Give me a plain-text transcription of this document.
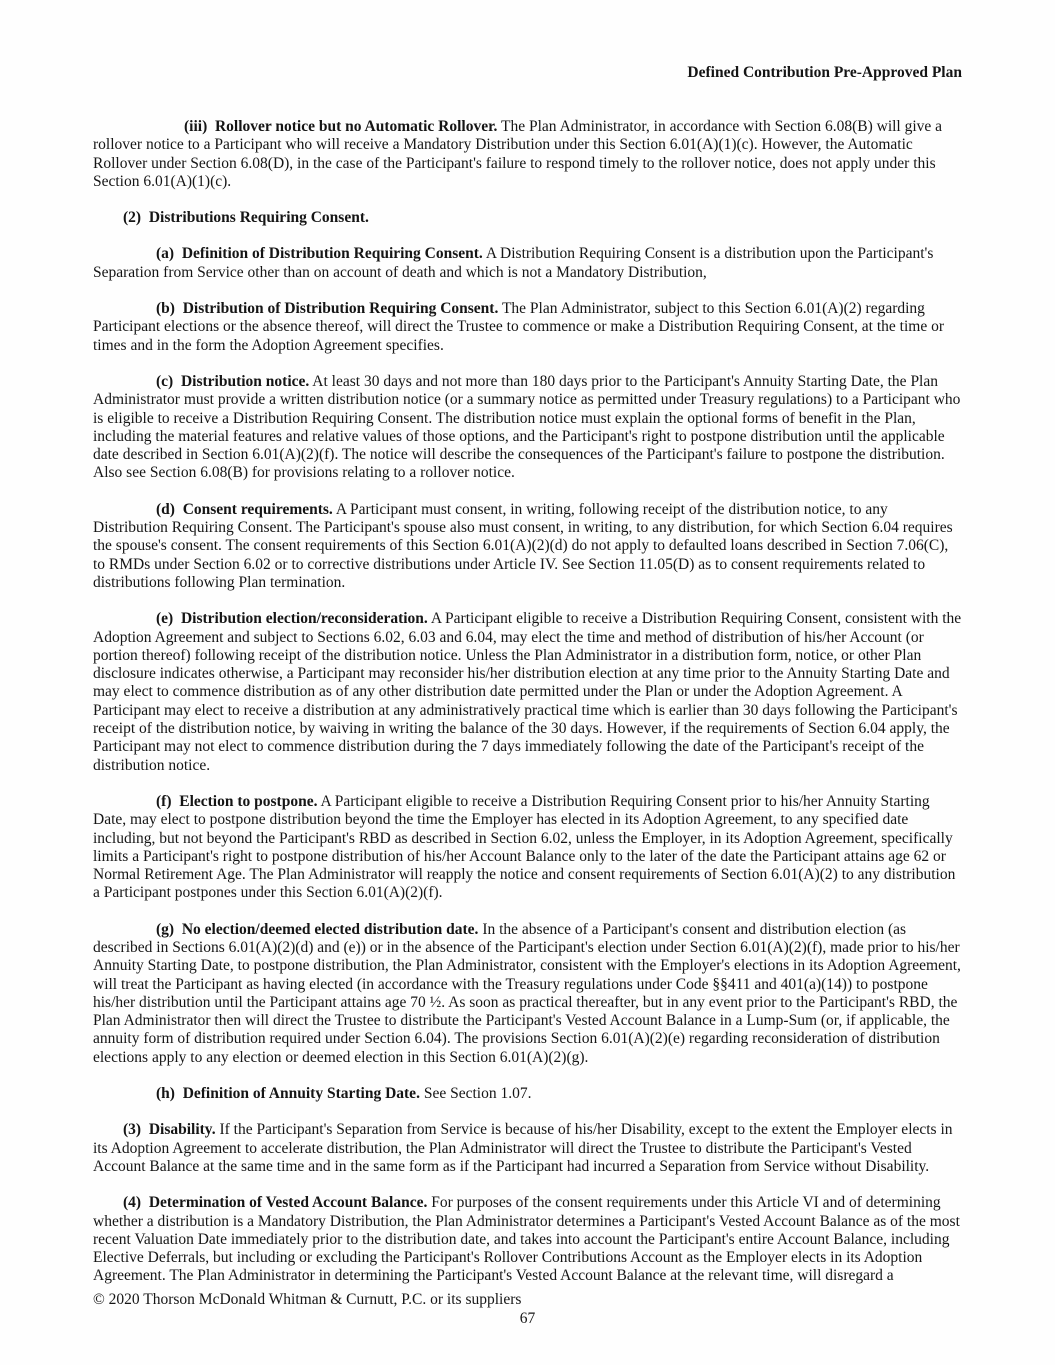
Defined Contribution Pre-Approved Plan

(iii)  Rollover notice but no Automatic Rollover. The Plan Administrator, in accordance with Section 6.08(B) will give a rollover notice to a Participant who will receive a Mandatory Distribution under this Section 6.01(A)(1)(c). However, the Automatic Rollover under Section 6.08(D), in the case of the Participant's failure to respond timely to the rollover notice, does not apply under this Section 6.01(A)(1)(c).

(2)  Distributions Requiring Consent.

(a)  Definition of Distribution Requiring Consent. A Distribution Requiring Consent is a distribution upon the Participant's Separation from Service other than on account of death and which is not a Mandatory Distribution,

(b)  Distribution of Distribution Requiring Consent. The Plan Administrator, subject to this Section 6.01(A)(2) regarding Participant elections or the absence thereof, will direct the Trustee to commence or make a Distribution Requiring Consent, at the time or times and in the form the Adoption Agreement specifies.

(c)  Distribution notice. At least 30 days and not more than 180 days prior to the Participant's Annuity Starting Date, the Plan Administrator must provide a written distribution notice (or a summary notice as permitted under Treasury regulations) to a Participant who is eligible to receive a Distribution Requiring Consent. The distribution notice must explain the optional forms of benefit in the Plan, including the material features and relative values of those options, and the Participant's right to postpone distribution until the applicable date described in Section 6.01(A)(2)(f). The notice will describe the consequences of the Participant's failure to postpone the distribution. Also see Section 6.08(B) for provisions relating to a rollover notice.

(d)  Consent requirements. A Participant must consent, in writing, following receipt of the distribution notice, to any Distribution Requiring Consent. The Participant's spouse also must consent, in writing, to any distribution, for which Section 6.04 requires the spouse's consent. The consent requirements of this Section 6.01(A)(2)(d) do not apply to defaulted loans described in Section 7.06(C), to RMDs under Section 6.02 or to corrective distributions under Article IV. See Section 11.05(D) as to consent requirements related to distributions following Plan termination.

(e)  Distribution election/reconsideration. A Participant eligible to receive a Distribution Requiring Consent, consistent with the Adoption Agreement and subject to Sections 6.02, 6.03 and 6.04, may elect the time and method of distribution of his/her Account (or portion thereof) following receipt of the distribution notice. Unless the Plan Administrator in a distribution form, notice, or other Plan disclosure indicates otherwise, a Participant may reconsider his/her distribution election at any time prior to the Annuity Starting Date and may elect to commence distribution as of any other distribution date permitted under the Plan or under the Adoption Agreement. A Participant may elect to receive a distribution at any administratively practical time which is earlier than 30 days following the Participant's receipt of the distribution notice, by waiving in writing the balance of the 30 days. However, if the requirements of Section 6.04 apply, the Participant may not elect to commence distribution during the 7 days immediately following the date of the Participant's receipt of the distribution notice.

(f)  Election to postpone. A Participant eligible to receive a Distribution Requiring Consent prior to his/her Annuity Starting Date, may elect to postpone distribution beyond the time the Employer has elected in its Adoption Agreement, to any specified date including, but not beyond the Participant's RBD as described in Section 6.02, unless the Employer, in its Adoption Agreement, specifically limits a Participant's right to postpone distribution of his/her Account Balance only to the later of the date the Participant attains age 62 or Normal Retirement Age. The Plan Administrator will reapply the notice and consent requirements of Section 6.01(A)(2) to any distribution a Participant postpones under this Section 6.01(A)(2)(f).

(g)  No election/deemed elected distribution date. In the absence of a Participant's consent and distribution election (as described in Sections 6.01(A)(2)(d) and (e)) or in the absence of the Participant's election under Section 6.01(A)(2)(f), made prior to his/her Annuity Starting Date, to postpone distribution, the Plan Administrator, consistent with the Employer's elections in its Adoption Agreement, will treat the Participant as having elected (in accordance with the Treasury regulations under Code §§411 and 401(a)(14)) to postpone his/her distribution until the Participant attains age 70 ½. As soon as practical thereafter, but in any event prior to the Participant's RBD, the Plan Administrator then will direct the Trustee to distribute the Participant's Vested Account Balance in a Lump-Sum (or, if applicable, the annuity form of distribution required under Section 6.04). The provisions Section 6.01(A)(2)(e) regarding reconsideration of distribution elections apply to any election or deemed election in this Section 6.01(A)(2)(g).

(h)  Definition of Annuity Starting Date. See Section 1.07.

(3)  Disability. If the Participant's Separation from Service is because of his/her Disability, except to the extent the Employer elects in its Adoption Agreement to accelerate distribution, the Plan Administrator will direct the Trustee to distribute the Participant's Vested Account Balance at the same time and in the same form as if the Participant had incurred a Separation from Service without Disability.

(4)  Determination of Vested Account Balance. For purposes of the consent requirements under this Article VI and of determining whether a distribution is a Mandatory Distribution, the Plan Administrator determines a Participant's Vested Account Balance as of the most recent Valuation Date immediately prior to the distribution date, and takes into account the Participant's entire Account Balance, including Elective Deferrals, but including or excluding the Participant's Rollover Contributions Account as the Employer elects in its Adoption Agreement. The Plan Administrator in determining the Participant's Vested Account Balance at the relevant time, will disregard a

© 2020 Thorson McDonald Whitman & Curnutt, P.C. or its suppliers
67
